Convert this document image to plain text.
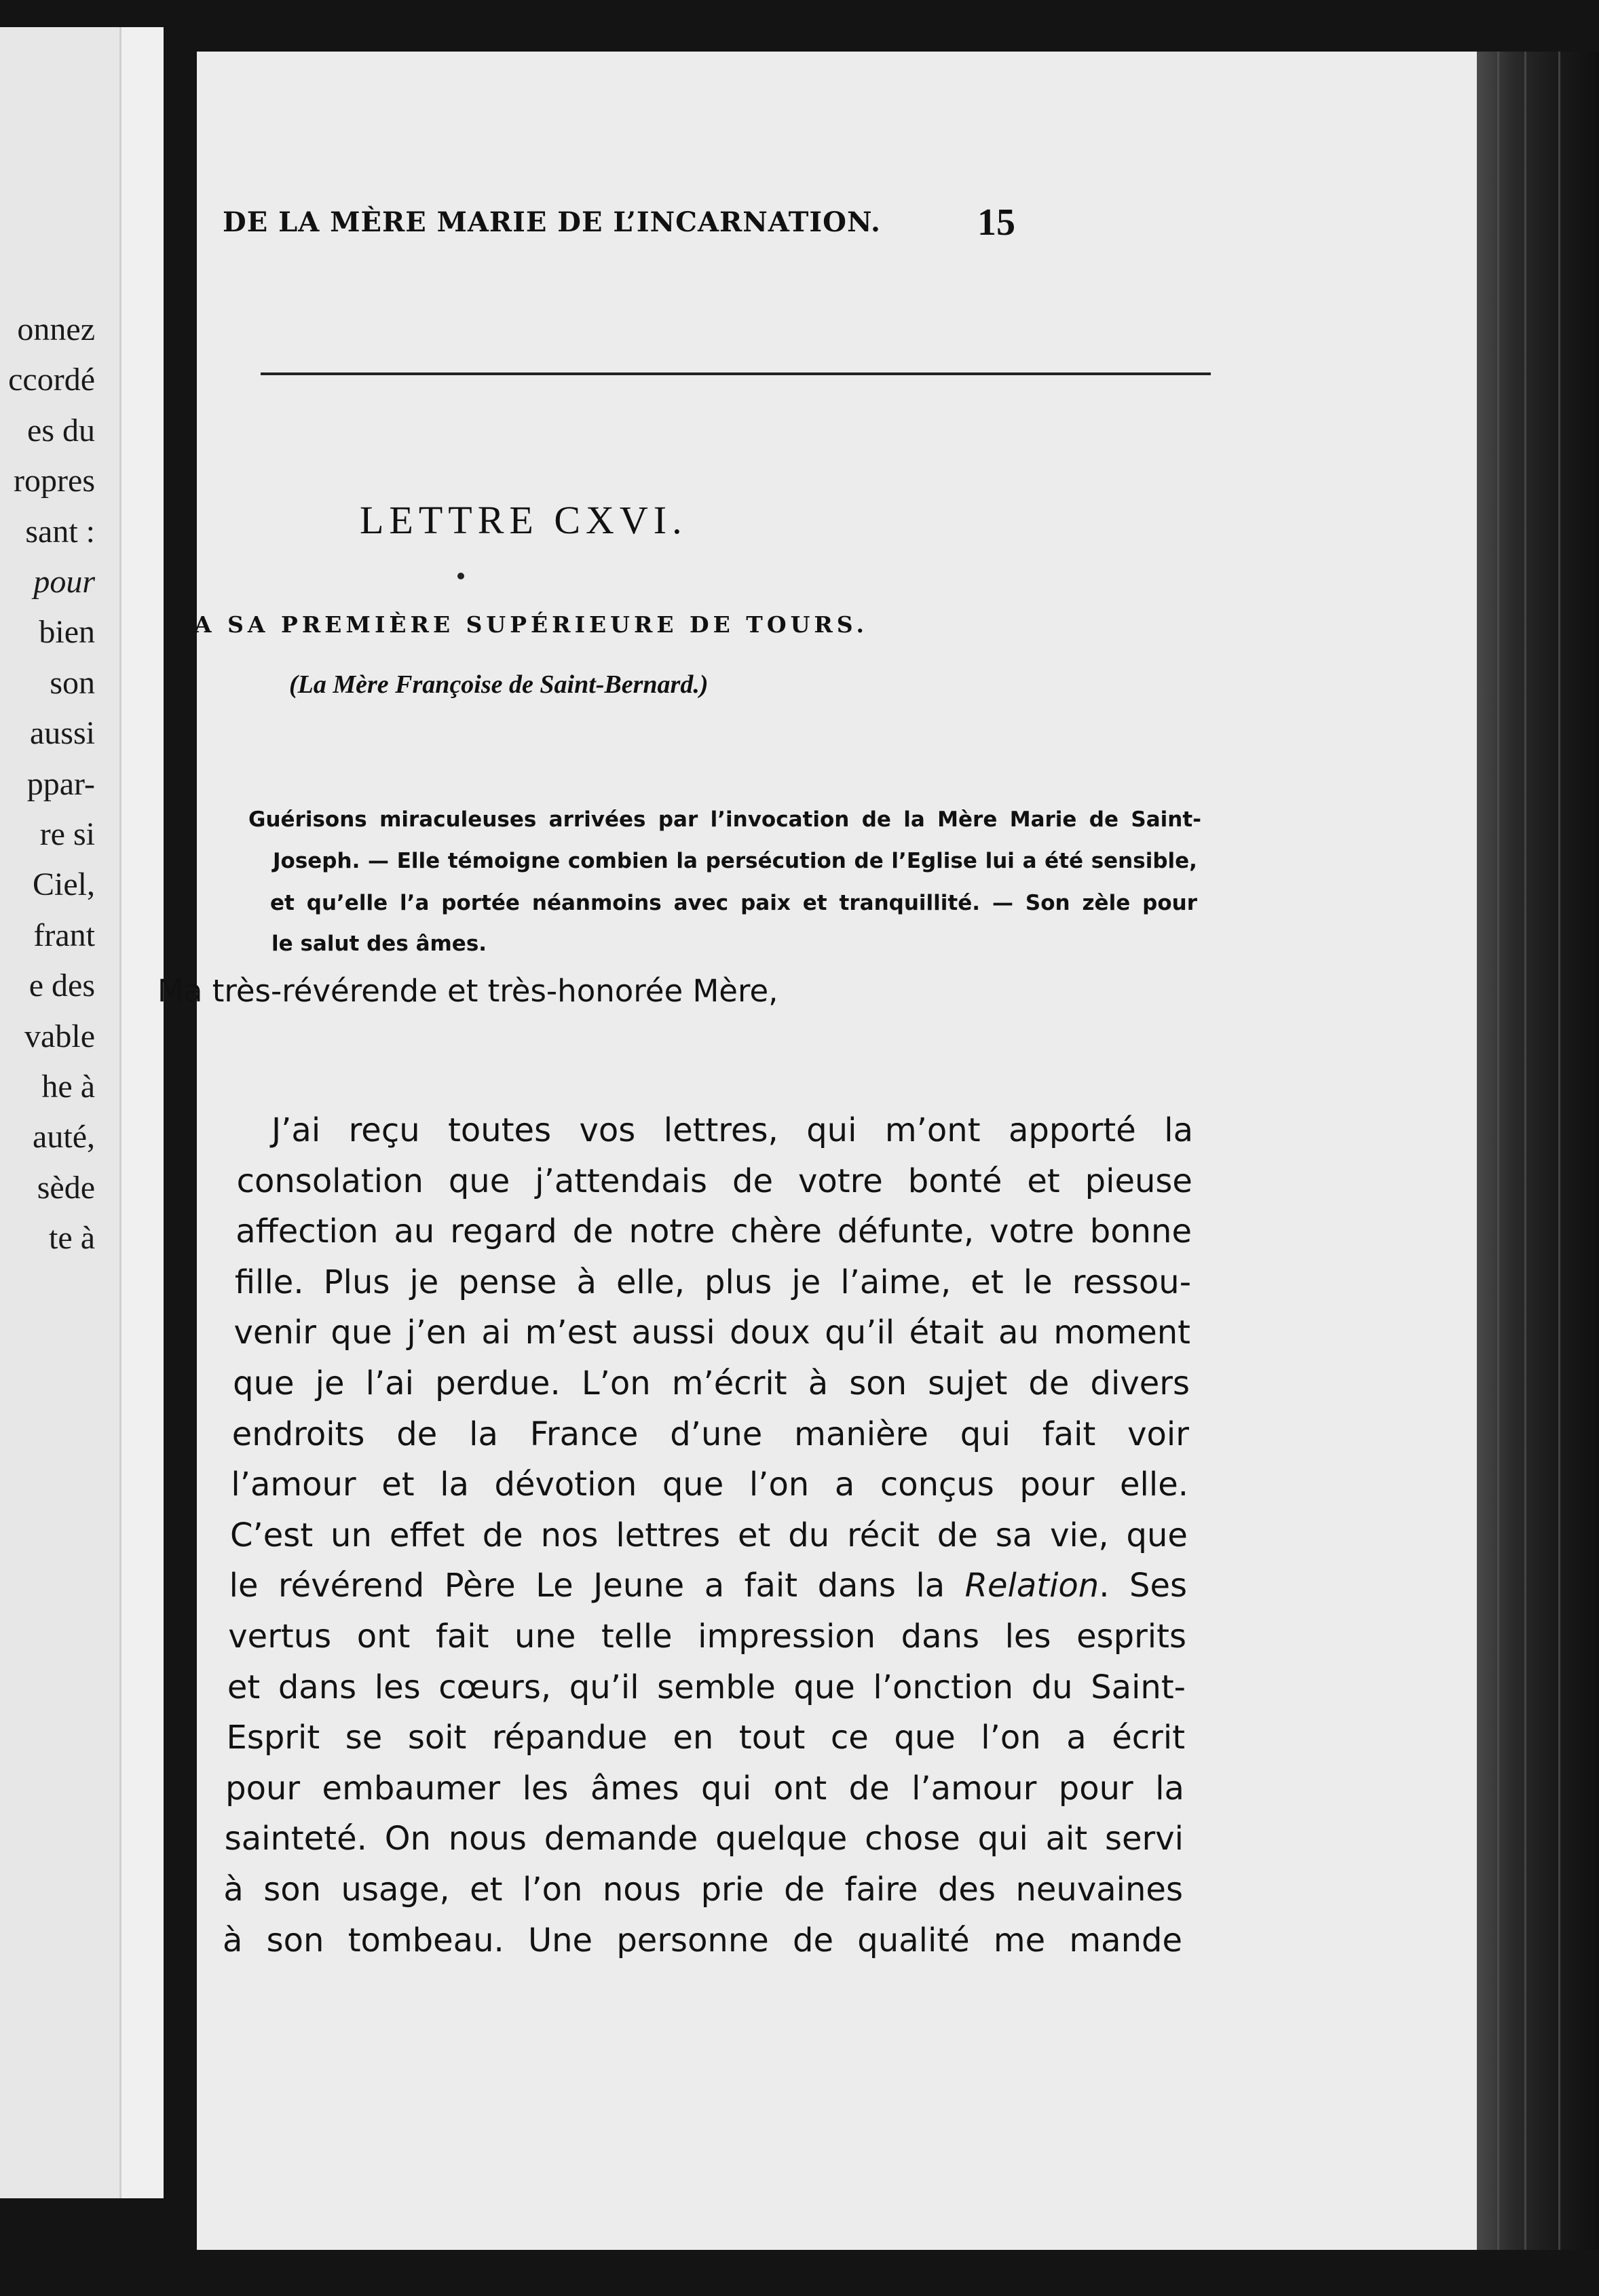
onnez
ccordé
es du
ropres
sant :
pour
bien
son
aussi
ppar-
re si
Ciel,
frant
e des
vable
he à
auté,
sède
te à
DE LA MÈRE MARIE DE L’INCARNATION.	15
LETTRE CXVI.
A SA PREMIÈRE SUPÉRIEURE DE TOURS.
(La Mère Françoise de Saint-Bernard.)
Guérisons miraculeuses arrivées par l’invocation de la Mère Marie de Saint-
Joseph. — Elle témoigne combien la persécution de l’Eglise lui a été sensible,
et qu’elle l’a portée néanmoins avec paix et tranquillité. — Son zèle pour
le salut des âmes.
Ma très-révérende et très-honorée Mère,
J’ai reçu toutes vos lettres, qui m’ont apporté la
consolation que j’attendais de votre bonté et pieuse
affection au regard de notre chère défunte, votre bonne
fille. Plus je pense à elle, plus je l’aime, et le ressou-
venir que j’en ai m’est aussi doux qu’il était au moment
que je l’ai perdue. L’on m’écrit à son sujet de divers
endroits de la France d’une manière qui fait voir
l’amour et la dévotion que l’on a conçus pour elle.
C’est un effet de nos lettres et du récit de sa vie, que
le révérend Père Le Jeune a fait dans la Relation. Ses
vertus ont fait une telle impression dans les esprits
et dans les cœurs, qu’il semble que l’onction du Saint-
Esprit se soit répandue en tout ce que l’on a écrit
pour embaumer les âmes qui ont de l’amour pour la
sainteté. On nous demande quelque chose qui ait servi
à son usage, et l’on nous prie de faire des neuvaines
à son tombeau. Une personne de qualité me mande
